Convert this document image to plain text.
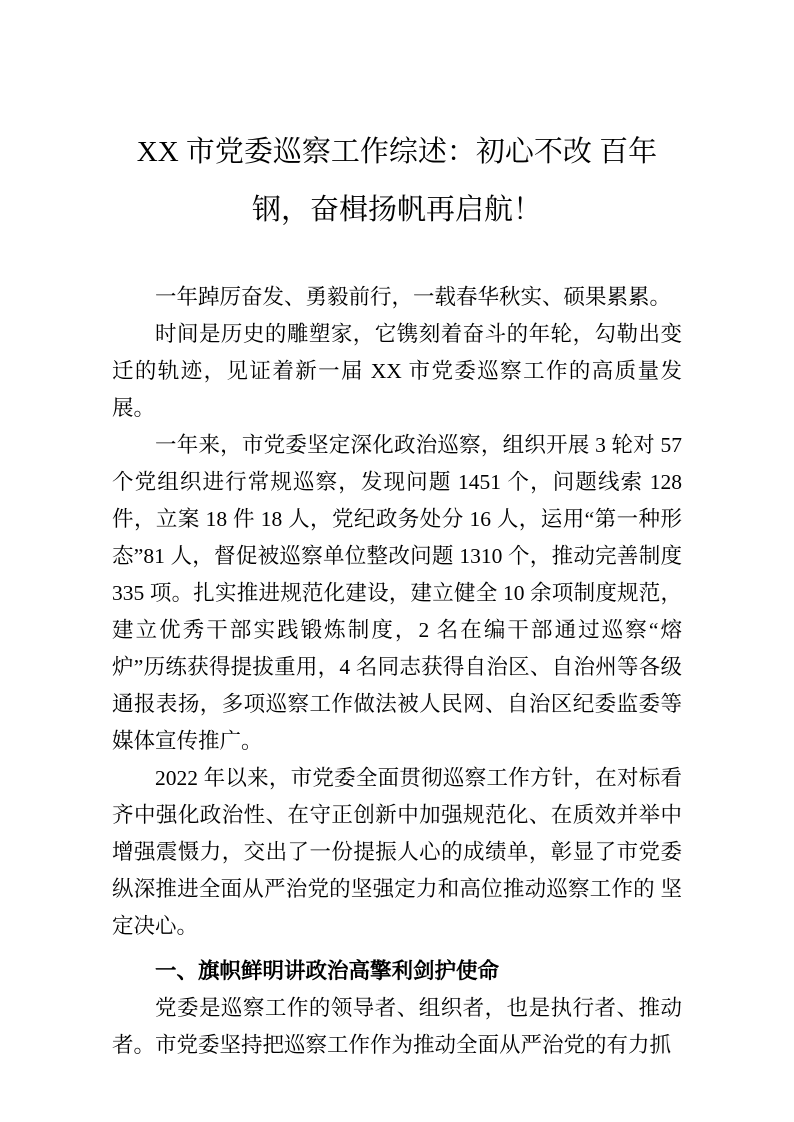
XX 市党委巡察工作综述：初心不改 百年
钢，奋楫扬帆再启航！

一年踔厉奋发、勇毅前行，一载春华秋实、硕果累累。

时间是历史的雕塑家，它镌刻着奋斗的年轮，勾勒出变迁的轨迹，见证着新一届 XX 市党委巡察工作的高质量发展。

一年来，市党委坚定深化政治巡察，组织开展 3 轮对 57 个党组织进行常规巡察，发现问题 1451 个，问题线索 128 件，立案 18 件 18 人，党纪政务处分 16 人，运用“第一种形态”81 人，督促被巡察单位整改问题 1310 个，推动完善制度 335 项。扎实推进规范化建设，建立健全 10 余项制度规范，建立优秀干部实践锻炼制度，2 名在编干部通过巡察“熔炉”历练获得提拔重用，4 名同志获得自治区、自治州等各级通报表扬，多项巡察工作做法被人民网、自治区纪委监委等媒体宣传推广。

2022 年以来，市党委全面贯彻巡察工作方针，在对标看齐中强化政治性、在守正创新中加强规范化、在质效并举中增强震慑力，交出了一份提振人心的成绩单，彰显了市党委纵深推进全面从严治党的坚强定力和高位推动巡察工作的 坚定决心。

一、旗帜鲜明讲政治高擎利剑护使命

党委是巡察工作的领导者、组织者，也是执行者、推动者。市党委坚持把巡察工作作为推动全面从严治党的有力抓
